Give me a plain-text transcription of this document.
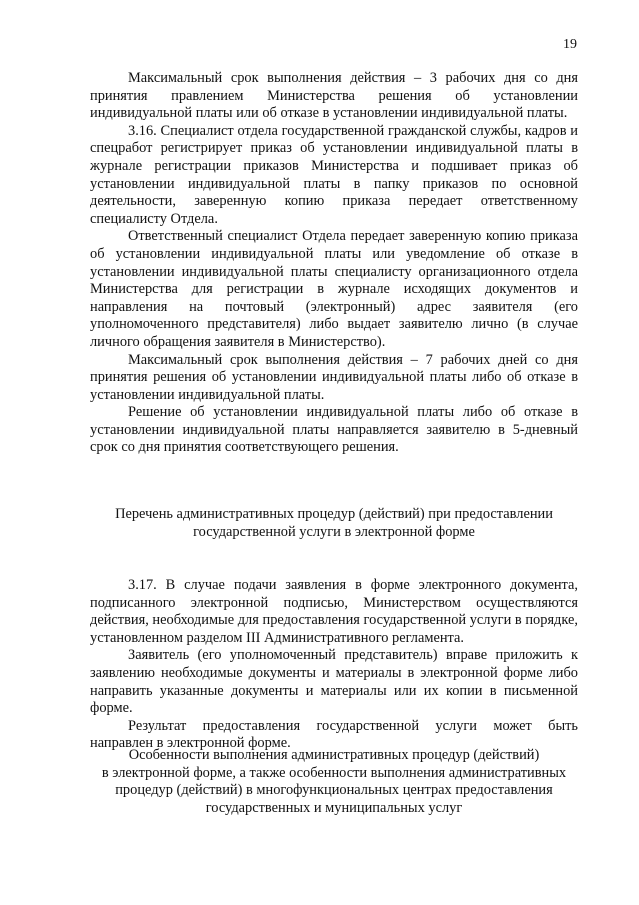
19

Максимальный срок выполнения действия – 3 рабочих дня со дня принятия правлением Министерства решения об установлении индивидуальной платы или об отказе в установлении индивидуальной платы.

3.16. Специалист отдела государственной гражданской службы, кадров и спецработ регистрирует приказ об установлении индивидуальной платы в журнале регистрации приказов Министерства и подшивает приказ об установлении индивидуальной платы в папку приказов по основной деятельности, заверенную копию приказа передает ответственному специалисту Отдела.

Ответственный специалист Отдела передает заверенную копию приказа об установлении индивидуальной платы или уведомление об отказе в установлении индивидуальной платы специалисту организационного отдела Министерства для регистрации в журнале исходящих документов и направления на почтовый (электронный) адрес заявителя (его уполномоченного представителя) либо выдает заявителю лично (в случае личного обращения заявителя в Министерство).

Максимальный срок выполнения действия – 7 рабочих дней со дня принятия решения об установлении индивидуальной платы либо об отказе в установлении индивидуальной платы.

Решение об установлении индивидуальной платы либо об отказе в установлении индивидуальной платы направляется заявителю в 5-дневный срок со дня принятия соответствующего решения.

Перечень административных процедур (действий) при предоставлении
государственной услуги в электронной форме

3.17. В случае подачи заявления в форме электронного документа, подписанного электронной подписью, Министерством осуществляются действия, необходимые для предоставления государственной услуги в порядке, установленном разделом III Административного регламента.

Заявитель (его уполномоченный представитель) вправе приложить к заявлению необходимые документы и материалы в электронной форме либо направить указанные документы и материалы или их копии в письменной форме.

Результат предоставления государственной услуги может быть направлен в электронной форме.

Особенности выполнения административных процедур (действий)
в электронной форме, а также особенности выполнения административных
процедур (действий) в многофункциональных центрах предоставления
государственных и муниципальных услуг
